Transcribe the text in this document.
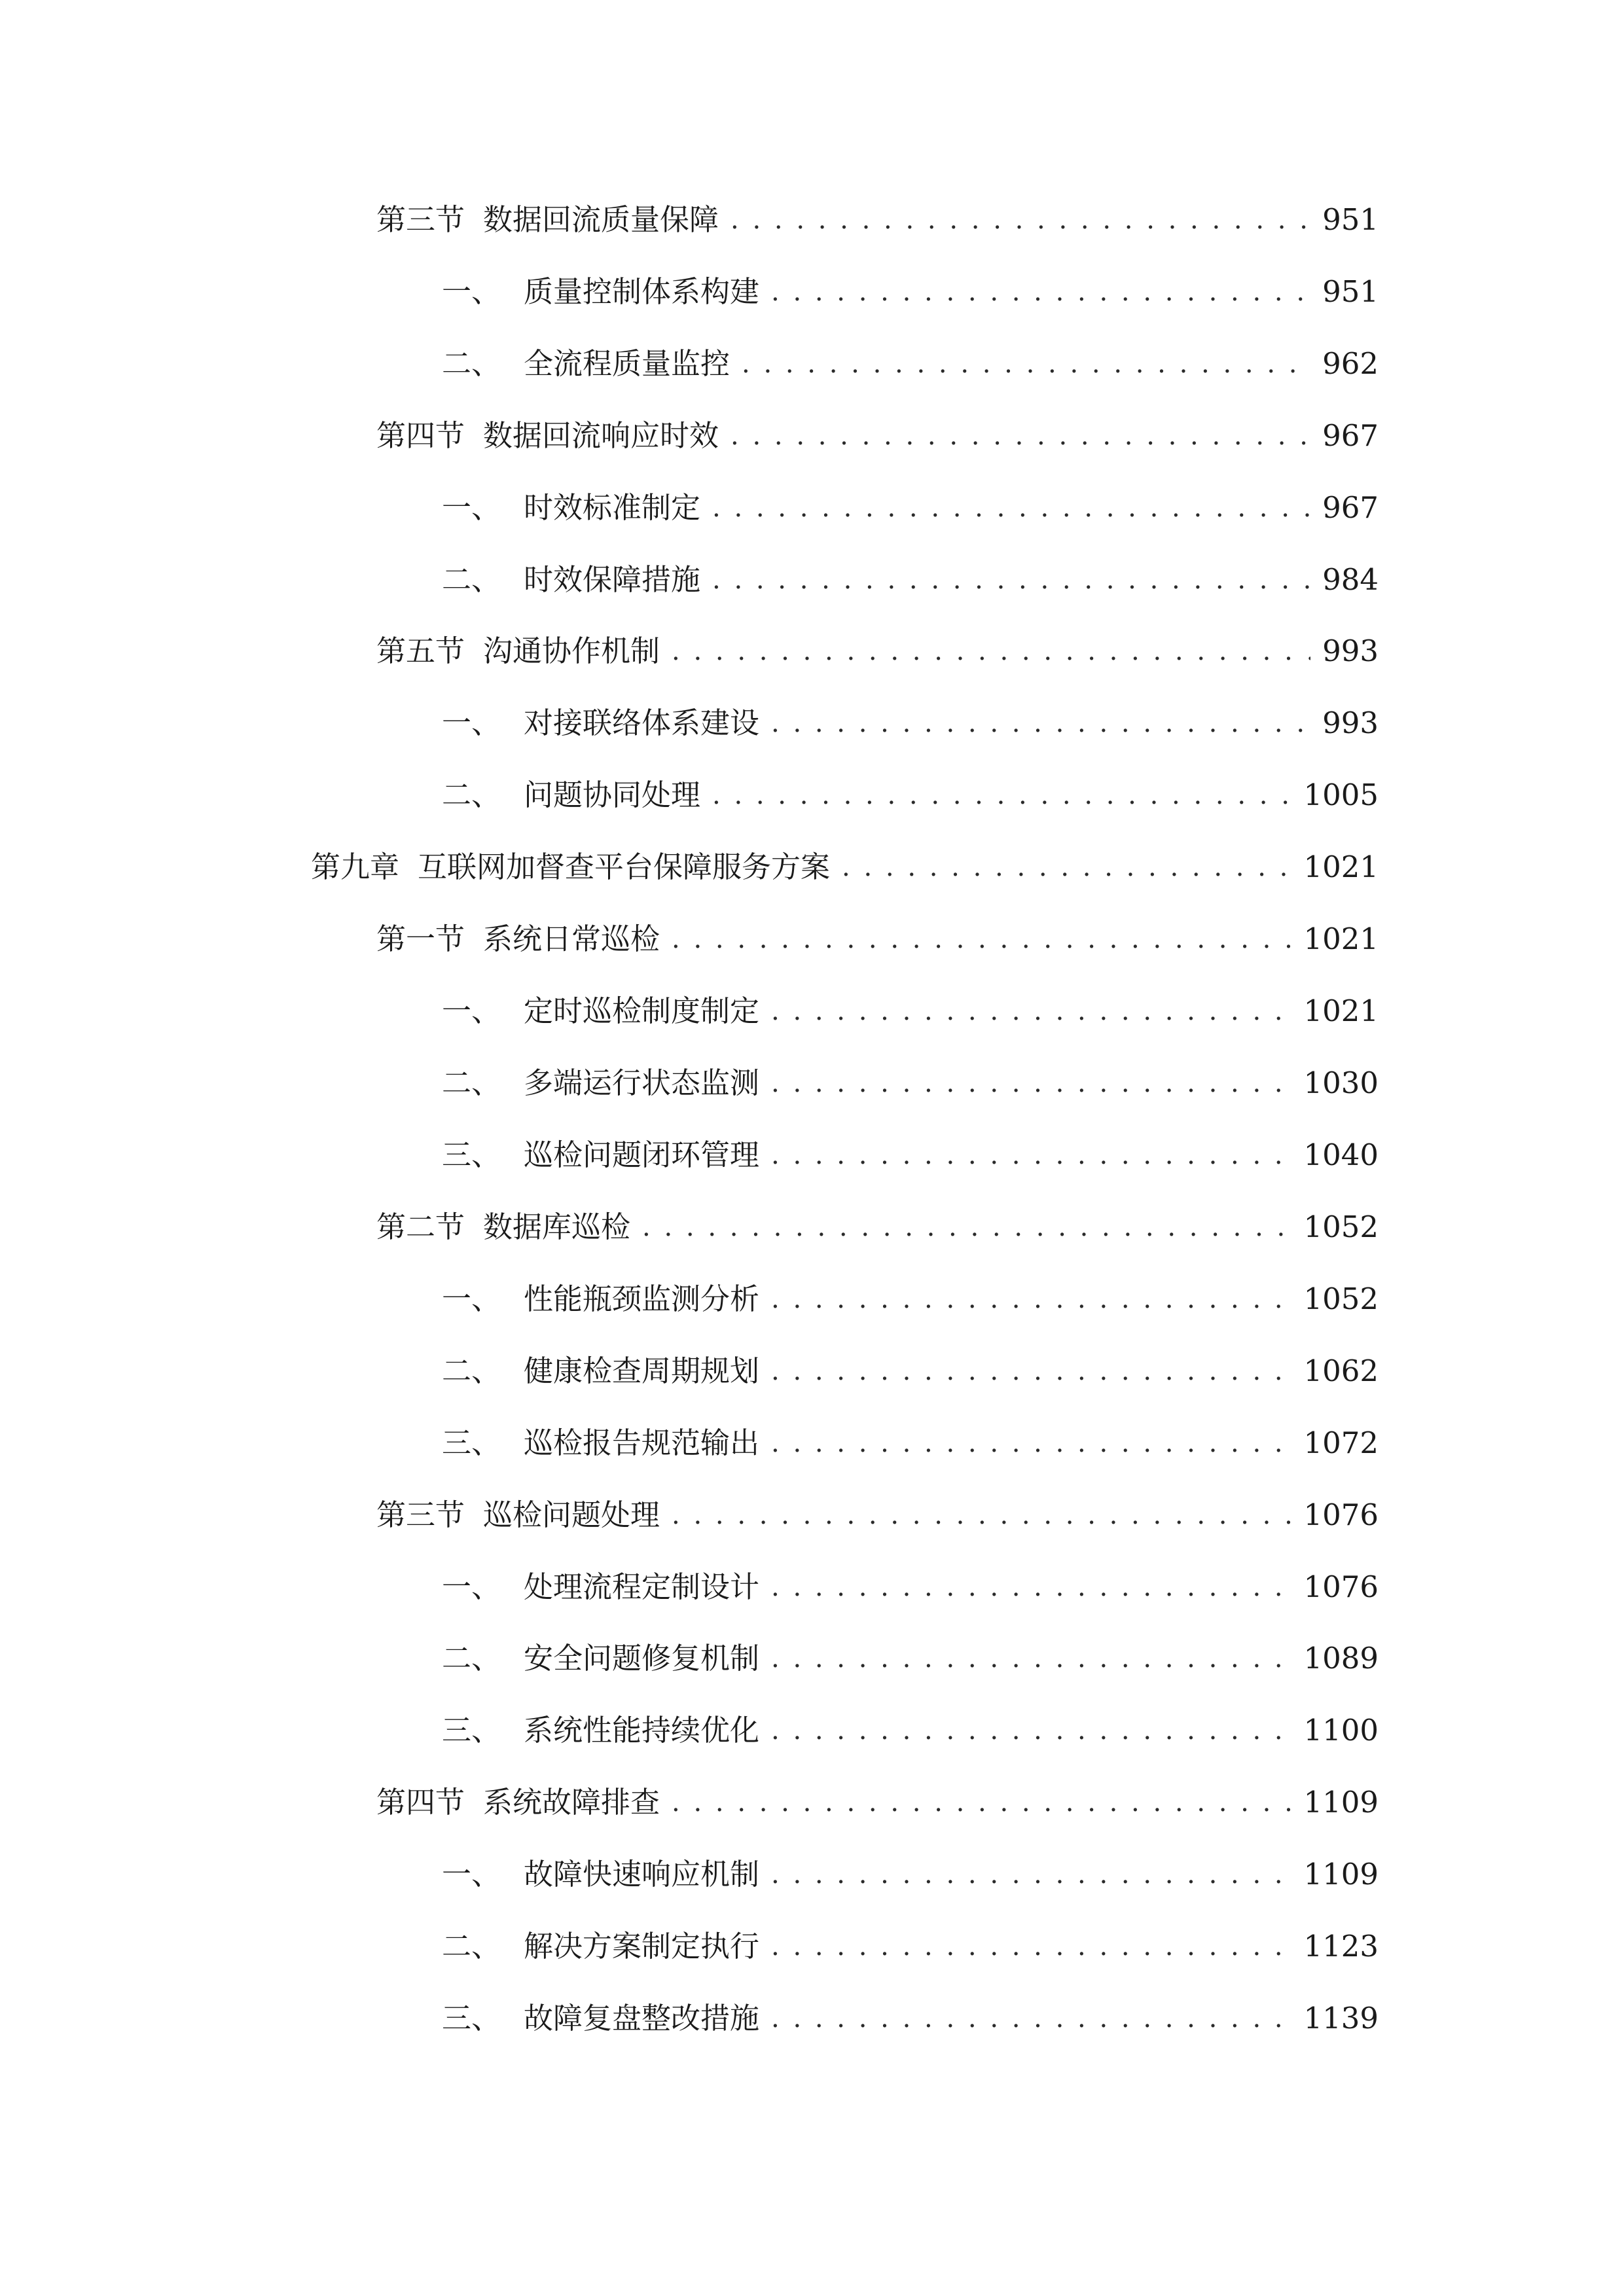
第三节 数据回流质量保障 . . .	951
一、 质量控制体系构建 . . .	951
二、 全流程质量监控 . . .	962
第四节 数据回流响应时效 . . .	967
一、 时效标准制定 . . .	967
二、 时效保障措施 . . .	984
第五节 沟通协作机制 . . .	993
一、 对接联络体系建设 . . .	993
二、 问题协同处理 . . .	1005
第九章 互联网加督查平台保障服务方案 . . .	1021
第一节 系统日常巡检 . . .	1021
一、 定时巡检制度制定 . . .	1021
二、 多端运行状态监测 . . .	1030
三、 巡检问题闭环管理 . . .	1040
第二节 数据库巡检 . . .	1052
一、 性能瓶颈监测分析 . . .	1052
二、 健康检查周期规划 . . .	1062
三、 巡检报告规范输出 . . .	1072
第三节 巡检问题处理 . . .	1076
一、 处理流程定制设计 . . .	1076
二、 安全问题修复机制 . . .	1089
三、 系统性能持续优化 . . .	1100
第四节 系统故障排查 . . .	1109
一、 故障快速响应机制 . . .	1109
二、 解决方案制定执行 . . .	1123
三、 故障复盘整改措施 . . .	1139
